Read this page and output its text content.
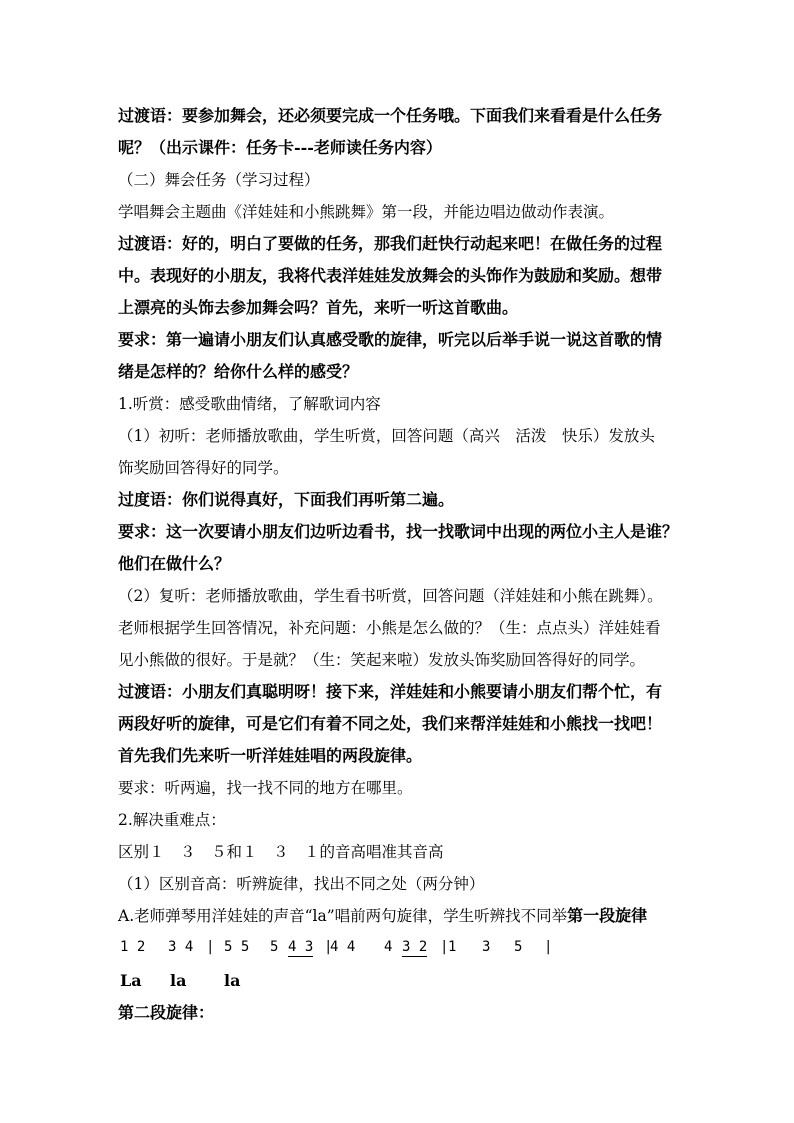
过渡语：要参加舞会，还必须要完成一个任务哦。下面我们来看看是什么任务
呢？（出示课件：任务卡---老师读任务内容）
（二）舞会任务（学习过程）
学唱舞会主题曲《洋娃娃和小熊跳舞》第一段，并能边唱边做动作表演。
过渡语：好的，明白了要做的任务，那我们赶快行动起来吧！在做任务的过程
中。表现好的小朋友，我将代表洋娃娃发放舞会的头饰作为鼓励和奖励。想带
上漂亮的头饰去参加舞会吗？首先，来听一听这首歌曲。
要求：第一遍请小朋友们认真感受歌的旋律，听完以后举手说一说这首歌的情
绪是怎样的？给你什么样的感受？
1.听赏：感受歌曲情绪，了解歌词内容
（1）初听：老师播放歌曲，学生听赏，回答问题（高兴　活泼　快乐）发放头
饰奖励回答得好的同学。
过度语：你们说得真好，下面我们再听第二遍。
要求：这一次要请小朋友们边听边看书，找一找歌词中出现的两位小主人是谁？
他们在做什么？
（2）复听：老师播放歌曲，学生看书听赏，回答问题（洋娃娃和小熊在跳舞）。
老师根据学生回答情况，补充问题：小熊是怎么做的？（生：点点头）洋娃娃看
见小熊做的很好。于是就？（生：笑起来啦）发放头饰奖励回答得好的同学。
过渡语：小朋友们真聪明呀！接下来，洋娃娃和小熊要请小朋友们帮个忙，有
两段好听的旋律，可是它们有着不同之处，我们来帮洋娃娃和小熊找一找吧！
首先我们先来听一听洋娃娃唱的两段旋律。
要求：听两遍，找一找不同的地方在哪里。
2.解决重难点：
区别１　３　５和１　３　１的音高唱准其音高
（1）区别音高：听辨旋律，找出不同之处（两分钟）
A.老师弹琴用洋娃娃的声音“la”唱前两句旋律，学生听辨找不同举第一段旋律
1 2 3 4 | 5 5 5 4 3 |
4 4 4 3 2 | 1 3 5 |
La la la
第二段旋律：
